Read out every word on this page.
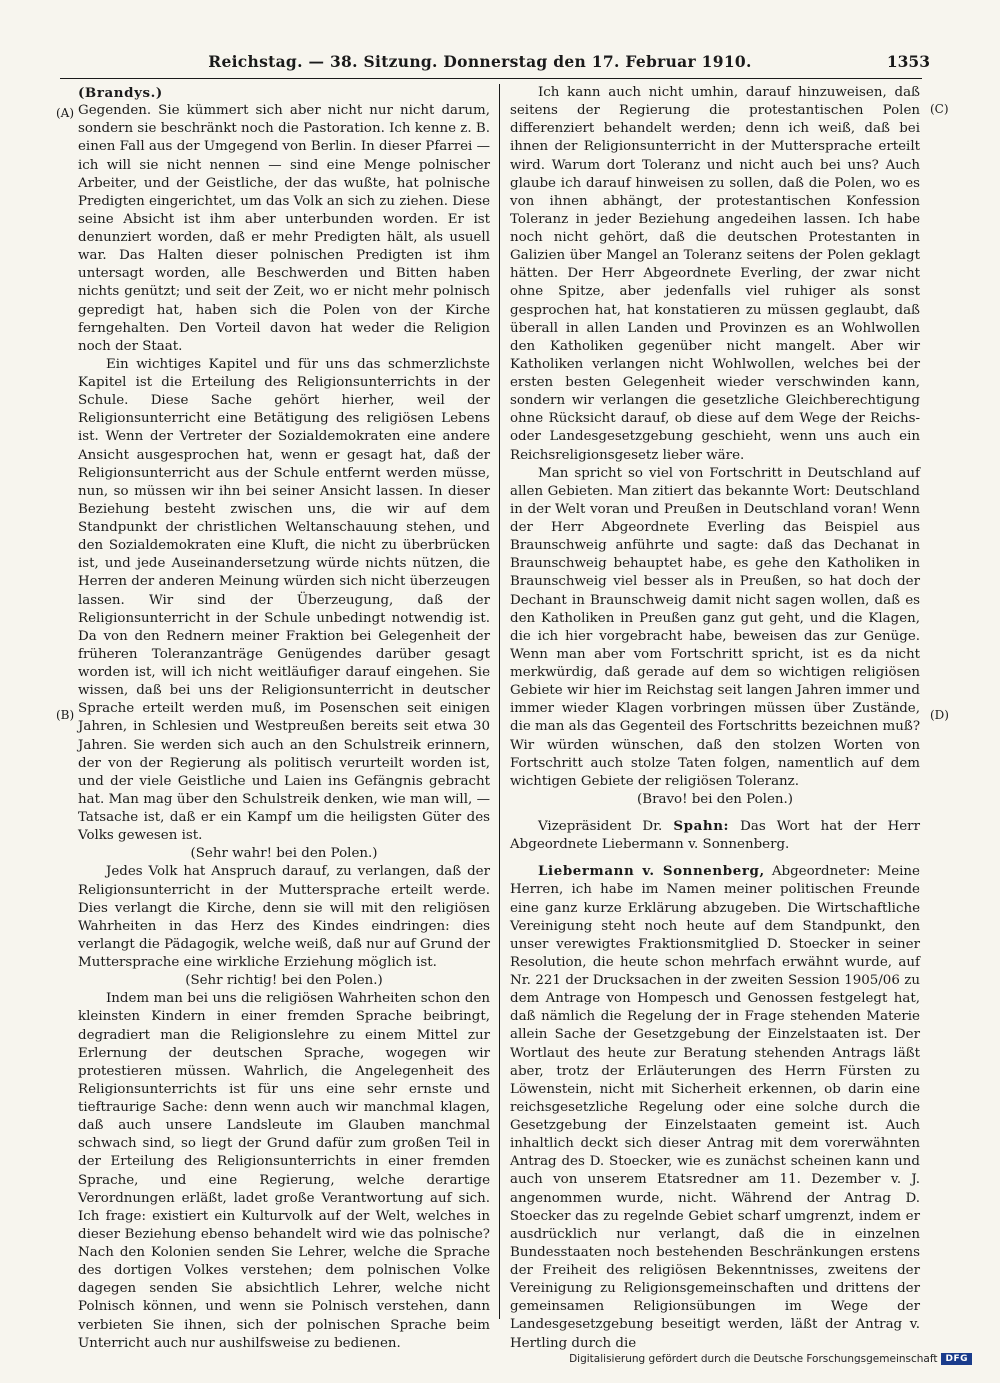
Reichstag. — 38. Sitzung. Donnerstag den 17. Februar 1910.	1353
(A)
(B)
(C)
(D)

(Brandys.)

Gegenden. Sie kümmert sich aber nicht nur nicht darum, sondern sie beschränkt noch die Pastoration. Ich kenne z. B. einen Fall aus der Umgegend von Berlin. In dieser Pfarrei — ich will sie nicht nennen — sind eine Menge polnischer Arbeiter, und der Geistliche, der das wußte, hat polnische Predigten eingerichtet, um das Volk an sich zu ziehen. Diese seine Absicht ist ihm aber unterbunden worden. Er ist denunziert worden, daß er mehr Predigten hält, als usuell war. Das Halten dieser polnischen Predigten ist ihm untersagt worden, alle Beschwerden und Bitten haben nichts genützt; und seit der Zeit, wo er nicht mehr polnisch gepredigt hat, haben sich die Polen von der Kirche ferngehalten. Den Vorteil davon hat weder die Religion noch der Staat.

Ein wichtiges Kapitel und für uns das schmerzlichste Kapitel ist die Erteilung des Religionsunterrichts in der Schule. Diese Sache gehört hierher, weil der Religionsunterricht eine Betätigung des religiösen Lebens ist. Wenn der Vertreter der Sozialdemokraten eine andere Ansicht ausgesprochen hat, wenn er gesagt hat, daß der Religionsunterricht aus der Schule entfernt werden müsse, nun, so müssen wir ihn bei seiner Ansicht lassen. In dieser Beziehung besteht zwischen uns, die wir auf dem Standpunkt der christlichen Weltanschauung stehen, und den Sozialdemokraten eine Kluft, die nicht zu überbrücken ist, und jede Auseinandersetzung würde nichts nützen, die Herren der anderen Meinung würden sich nicht überzeugen lassen. Wir sind der Überzeugung, daß der Religionsunterricht in der Schule unbedingt notwendig ist. Da von den Rednern meiner Fraktion bei Gelegenheit der früheren Toleranzanträge Genügendes darüber gesagt worden ist, will ich nicht weitläufiger darauf eingehen. Sie wissen, daß bei uns der Religionsunterricht in deutscher Sprache erteilt werden muß, im Posenschen seit einigen Jahren, in Schlesien und Westpreußen bereits seit etwa 30 Jahren. Sie werden sich auch an den Schulstreik erinnern, der von der Regierung als politisch verurteilt worden ist, und der viele Geistliche und Laien ins Gefängnis gebracht hat. Man mag über den Schulstreik denken, wie man will, — Tatsache ist, daß er ein Kampf um die heiligsten Güter des Volks gewesen ist.

(Sehr wahr! bei den Polen.)

Jedes Volk hat Anspruch darauf, zu verlangen, daß der Religionsunterricht in der Muttersprache erteilt werde. Dies verlangt die Kirche, denn sie will mit den religiösen Wahrheiten in das Herz des Kindes eindringen: dies verlangt die Pädagogik, welche weiß, daß nur auf Grund der Muttersprache eine wirkliche Erziehung möglich ist.

(Sehr richtig! bei den Polen.)

Indem man bei uns die religiösen Wahrheiten schon den kleinsten Kindern in einer fremden Sprache beibringt, degradiert man die Religionslehre zu einem Mittel zur Erlernung der deutschen Sprache, wogegen wir protestieren müssen. Wahrlich, die Angelegenheit des Religionsunterrichts ist für uns eine sehr ernste und tieftraurige Sache: denn wenn auch wir manchmal klagen, daß auch unsere Landsleute im Glauben manchmal schwach sind, so liegt der Grund dafür zum großen Teil in der Erteilung des Religionsunterrichts in einer fremden Sprache, und eine Regierung, welche derartige Verordnungen erläßt, ladet große Verantwortung auf sich. Ich frage: existiert ein Kulturvolk auf der Welt, welches in dieser Beziehung ebenso behandelt wird wie das polnische? Nach den Kolonien senden Sie Lehrer, welche die Sprache des dortigen Volkes verstehen; dem polnischen Volke dagegen senden Sie absichtlich Lehrer, welche nicht Polnisch können, und wenn sie Polnisch verstehen, dann verbieten Sie ihnen, sich der polnischen Sprache beim Unterricht auch nur aushilfsweise zu bedienen.

Ich kann auch nicht umhin, darauf hinzuweisen, daß seitens der Regierung die protestantischen Polen differenziert behandelt werden; denn ich weiß, daß bei ihnen der Religionsunterricht in der Muttersprache erteilt wird. Warum dort Toleranz und nicht auch bei uns? Auch glaube ich darauf hinweisen zu sollen, daß die Polen, wo es von ihnen abhängt, der protestantischen Konfession Toleranz in jeder Beziehung angedeihen lassen. Ich habe noch nicht gehört, daß die deutschen Protestanten in Galizien über Mangel an Toleranz seitens der Polen geklagt hätten. Der Herr Abgeordnete Everling, der zwar nicht ohne Spitze, aber jedenfalls viel ruhiger als sonst gesprochen hat, hat konstatieren zu müssen geglaubt, daß überall in allen Landen und Provinzen es an Wohlwollen den Katholiken gegenüber nicht mangelt. Aber wir Katholiken verlangen nicht Wohlwollen, welches bei der ersten besten Gelegenheit wieder verschwinden kann, sondern wir verlangen die gesetzliche Gleichberechtigung ohne Rücksicht darauf, ob diese auf dem Wege der Reichs- oder Landesgesetzgebung geschieht, wenn uns auch ein Reichsreligionsgesetz lieber wäre.

Man spricht so viel von Fortschritt in Deutschland auf allen Gebieten. Man zitiert das bekannte Wort: Deutschland in der Welt voran und Preußen in Deutschland voran! Wenn der Herr Abgeordnete Everling das Beispiel aus Braunschweig anführte und sagte: daß das Dechanat in Braunschweig behauptet habe, es gehe den Katholiken in Braunschweig viel besser als in Preußen, so hat doch der Dechant in Braunschweig damit nicht sagen wollen, daß es den Katholiken in Preußen ganz gut geht, und die Klagen, die ich hier vorgebracht habe, beweisen das zur Genüge. Wenn man aber vom Fortschritt spricht, ist es da nicht merkwürdig, daß gerade auf dem so wichtigen religiösen Gebiete wir hier im Reichstag seit langen Jahren immer und immer wieder Klagen vorbringen müssen über Zustände, die man als das Gegenteil des Fortschritts bezeichnen muß? Wir würden wünschen, daß den stolzen Worten von Fortschritt auch stolze Taten folgen, namentlich auf dem wichtigen Gebiete der religiösen Toleranz.

(Bravo! bei den Polen.)

Vizepräsident Dr. Spahn: Das Wort hat der Herr Abgeordnete Liebermann v. Sonnenberg.

Liebermann v. Sonnenberg, Abgeordneter: Meine Herren, ich habe im Namen meiner politischen Freunde eine ganz kurze Erklärung abzugeben. Die Wirtschaftliche Vereinigung steht noch heute auf dem Standpunkt, den unser verewigtes Fraktionsmitglied D. Stoecker in seiner Resolution, die heute schon mehrfach erwähnt wurde, auf Nr. 221 der Drucksachen in der zweiten Session 1905/06 zu dem Antrage von Hompesch und Genossen festgelegt hat, daß nämlich die Regelung der in Frage stehenden Materie allein Sache der Gesetzgebung der Einzelstaaten ist. Der Wortlaut des heute zur Beratung stehenden Antrags läßt aber, trotz der Erläuterungen des Herrn Fürsten zu Löwenstein, nicht mit Sicherheit erkennen, ob darin eine reichsgesetzliche Regelung oder eine solche durch die Gesetzgebung der Einzelstaaten gemeint ist. Auch inhaltlich deckt sich dieser Antrag mit dem vorerwähnten Antrag des D. Stoecker, wie es zunächst scheinen kann und auch von unserem Etatsredner am 11. Dezember v. J. angenommen wurde, nicht. Während der Antrag D. Stoecker das zu regelnde Gebiet scharf umgrenzt, indem er ausdrücklich nur verlangt, daß die in einzelnen Bundesstaaten noch bestehenden Beschränkungen erstens der Freiheit des religiösen Bekenntnisses, zweitens der Vereinigung zu Religionsgemeinschaften und drittens der gemeinsamen Religionsübungen im Wege der Landesgesetzgebung beseitigt werden, läßt der Antrag v. Hertling durch die

Digitalisierung gefördert durch die Deutsche Forschungsgemeinschaft DFG
